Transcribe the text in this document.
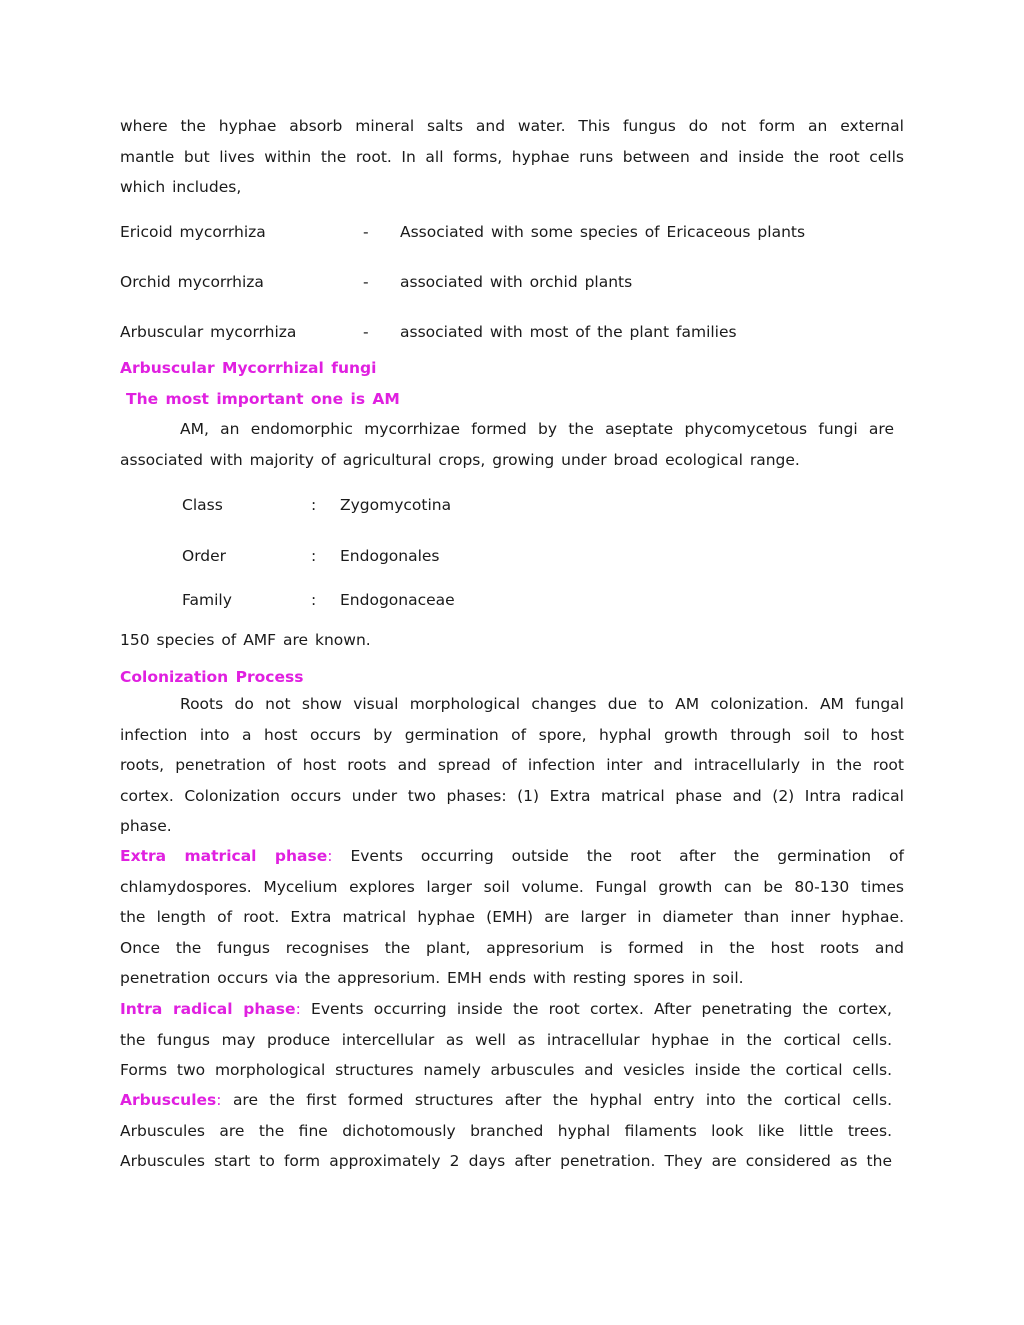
where the hyphae absorb mineral salts and water. This fungus do not form an external
mantle but lives within the root. In all forms, hyphae runs between and inside the root cells
which includes,
Ericoid mycorrhiza	- Associated with some species of Ericaceous plants
Orchid mycorrhiza	- associated with orchid plants
Arbuscular mycorrhiza	- associated with most of the plant families

Arbuscular Mycorrhizal fungi

The most important one is AM

AM, an endomorphic mycorrhizae formed by the aseptate phycomycetous fungi are
associated with majority of agricultural crops, growing under broad ecological range.
Class	: Zygomycotina
Order	: Endogonales
Family	: Endogonaceae
150 species of AMF are known.

Colonization Process

Roots do not show visual morphological changes due to AM colonization. AM fungal
infection into a host occurs by germination of spore, hyphal growth through soil to host
roots, penetration of host roots and spread of infection inter and intracellularly in the root
cortex. Colonization occurs under two phases: (1) Extra matrical phase and (2) Intra radical
phase.
Extra matrical phase: Events occurring outside the root after the germination of
chlamydospores. Mycelium explores larger soil volume. Fungal growth can be 80-130 times
the length of root. Extra matrical hyphae (EMH) are larger in diameter than inner hyphae.
Once the fungus recognises the plant, appresorium is formed in the host roots and
penetration occurs via the appresorium. EMH ends with resting spores in soil.
Intra radical phase: Events occurring inside the root cortex. After penetrating the cortex,
the fungus may produce intercellular as well as intracellular hyphae in the cortical cells.
Forms two morphological structures namely arbuscules and vesicles inside the cortical cells.
Arbuscules: are the first formed structures after the hyphal entry into the cortical cells.
Arbuscules are the fine dichotomously branched hyphal filaments look like little trees.
Arbuscules start to form approximately 2 days after penetration. They are considered as the
